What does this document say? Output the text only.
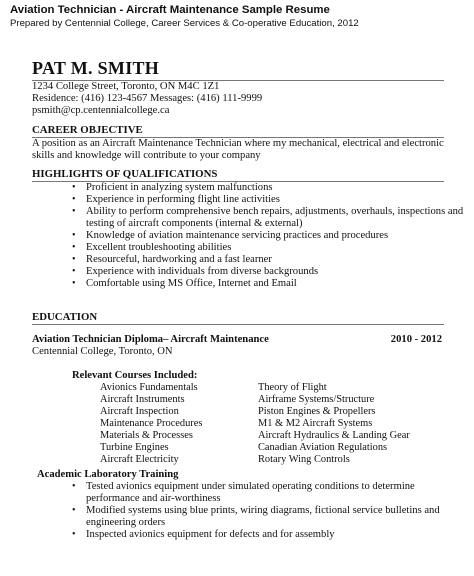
Aviation Technician - Aircraft Maintenance Sample Resume
Prepared by Centennial College, Career Services & Co-operative Education, 2012
PAT M. SMITH
1234 College Street, Toronto, ON M4C 1Z1
Residence: (416) 123-4567 Messages: (416) 111-9999
psmith@cp.centennialcollege.ca
CAREER OBJECTIVE
A position as an Aircraft Maintenance Technician where my mechanical, electrical and electronic
skills and knowledge will contribute to your company
HIGHLIGHTS OF QUALIFICATIONS
• Proficient in analyzing system malfunctions
• Experience in performing flight line activities
• Ability to perform comprehensive bench repairs, adjustments, overhauls, inspections and
testing of aircraft components (internal & external)
• Knowledge of aviation maintenance servicing practices and procedures
• Excellent troubleshooting abilities
• Resourceful, hardworking and a fast learner
• Experience with individuals from diverse backgrounds
• Comfortable using MS Office, Internet and Email
EDUCATION
Aviation Technician Diploma– Aircraft Maintenance	2010 - 2012
Centennial College, Toronto, ON
Relevant Courses Included:
Avionics Fundamentals
Aircraft Instruments
Aircraft Inspection
Maintenance Procedures
Materials & Processes
Turbine Engines
Aircraft Electricity
Theory of Flight
Airframe Systems/Structure
Piston Engines & Propellers
M1 & M2 Aircraft Systems
Aircraft Hydraulics & Landing Gear
Canadian Aviation Regulations
Rotary Wing Controls
Academic Laboratory Training
• Tested avionics equipment under simulated operating conditions to determine
performance and air-worthiness
• Modified systems using blue prints, wiring diagrams, fictional service bulletins and
engineering orders
• Inspected avionics equipment for defects and for assembly
